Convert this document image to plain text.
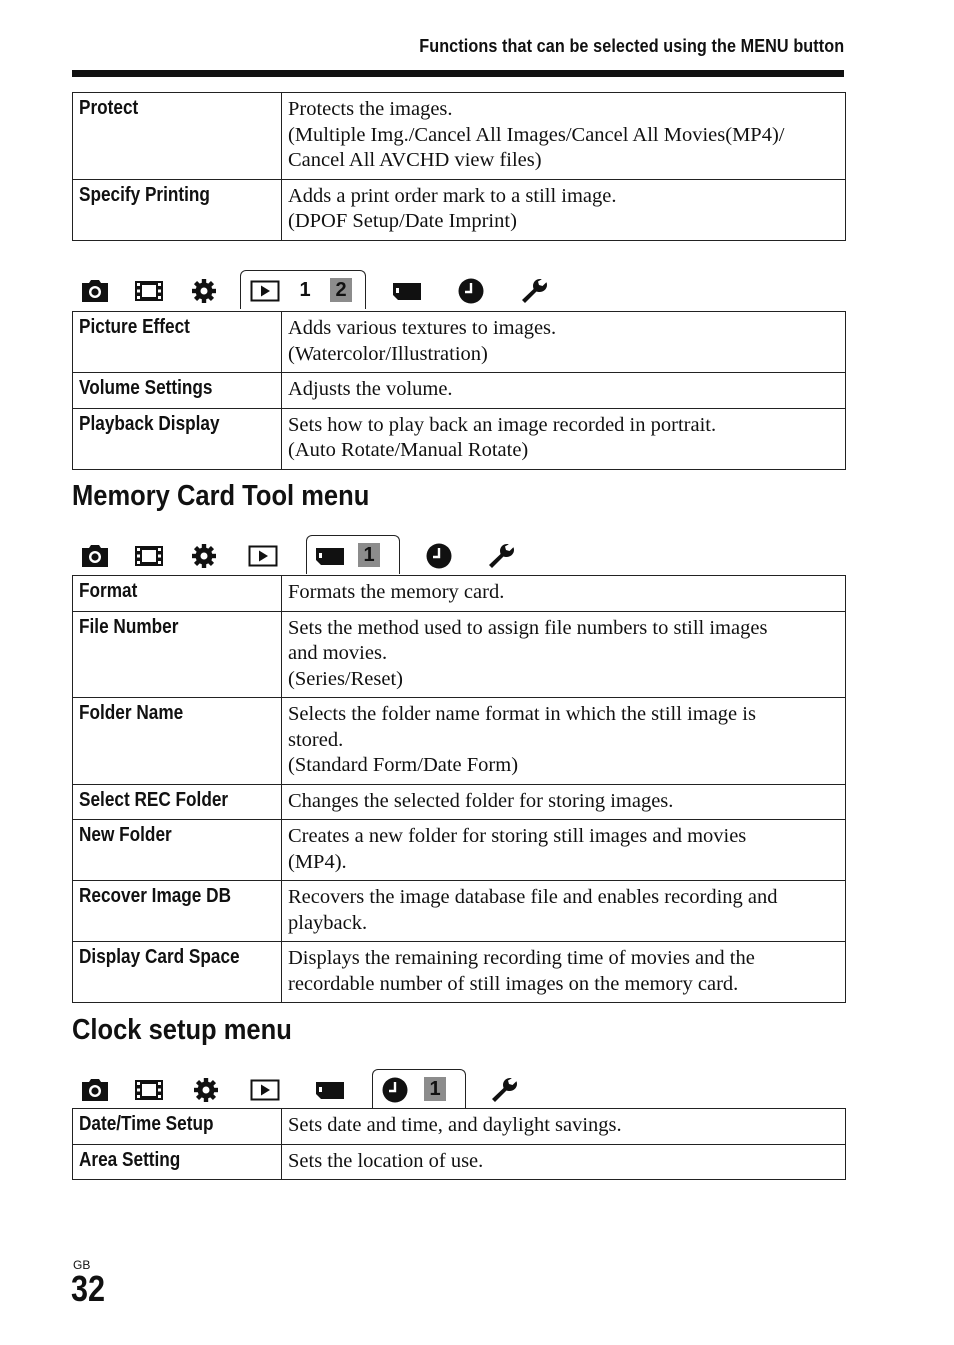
Functions that can be selected using the MENU button
Protect	Protects the images.
(Multiple Img./Cancel All Images/Cancel All Movies(MP4)/
Cancel All AVCHD view files)

Specify Printing	Adds a print order mark to a still image.
(DPOF Setup/Date Imprint)
1 2
Picture Effect	Adds various textures to images.
(Watercolor/Illustration)

Volume Settings	Adjusts the volume.

Playback Display	Sets how to play back an image recorded in portrait.
(Auto Rotate/Manual Rotate)
Memory Card Tool menu
1
Format	Formats the memory card.

File Number	Sets the method used to assign file numbers to still images
and movies.
(Series/Reset)

Folder Name	Selects the folder name format in which the still image is
stored.
(Standard Form/Date Form)

Select REC Folder	Changes the selected folder for storing images.

New Folder	Creates a new folder for storing still images and movies
(MP4).

Recover Image DB	Recovers the image database file and enables recording and
playback.

Display Card Space	Displays the remaining recording time of movies and the
recordable number of still images on the memory card.
Clock setup menu
1
Date/Time Setup	Sets date and time, and daylight savings.

Area Setting	Sets the location of use.
GB
32
